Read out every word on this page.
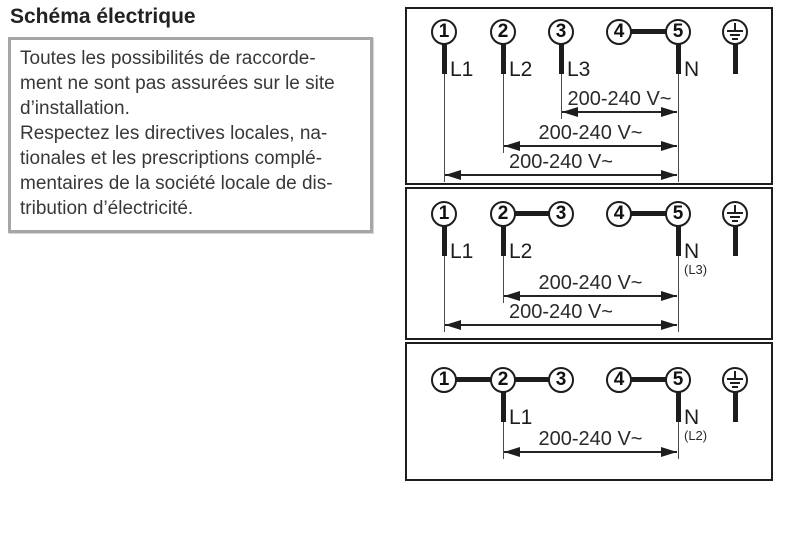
Schéma électrique
Toutes les possibilités de raccorde-
ment ne sont pas assurées sur le site
d’installation.
Respectez les directives locales, na-
tionales et les prescriptions complé-
mentaires de la société locale de dis-
tribution d’électricité.
200-240 V~
200-240 V~
200-240 V~
L1 L2 L3	N
1	2	3	4	5
200-240 V~
200-240 V~
L1 L2	N
(L3)
1	2	3	4	5
200-240 V~
L1	N
(L2)
1	2	3	4	5
